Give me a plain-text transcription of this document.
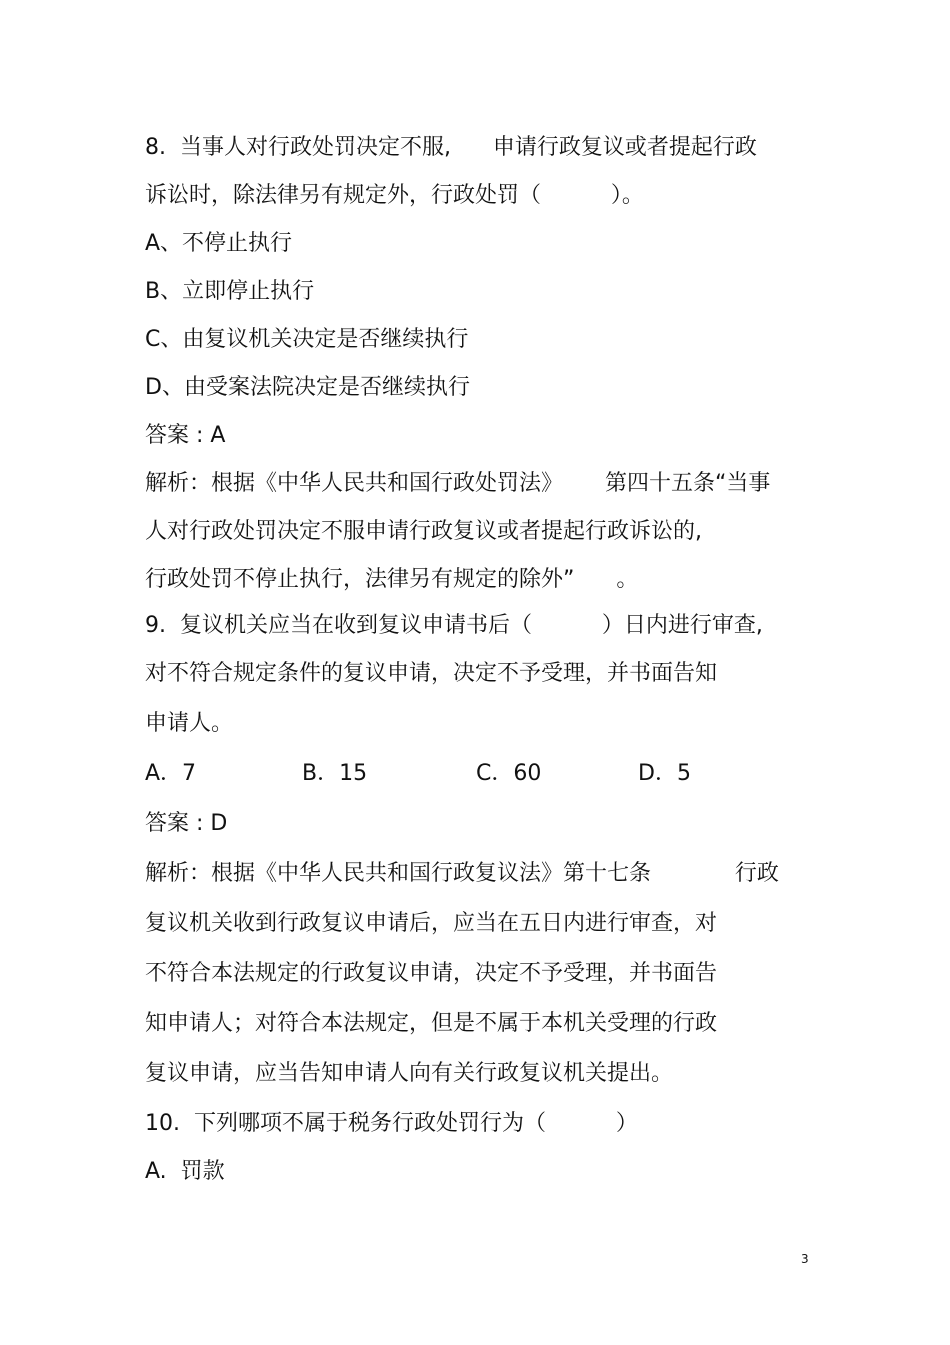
8.  当事人对行政处罚决定不服,      申请行政复议或者提起行政
诉讼时，除法律另有规定外，行政处罚（          ）。
A、不停止执行
B、立即停止执行
C、由复议机关决定是否继续执行
D、由受案法院决定是否继续执行
答案 : A
解析：根据《中华人民共和国行政处罚法》      第四十五条“当事
人对行政处罚决定不服申请行政复议或者提起行政诉讼的,
行政处罚不停止执行，法律另有规定的除外”      。
9.  复议机关应当在收到复议申请书后（          ）日内进行审查,
对不符合规定条件的复议申请，决定不予受理，并书面告知
申请人。
A．7	B．15	C．60	D．5
答案 : D
解析：根据《中华人民共和国行政复议法》第十七条            行政
复议机关收到行政复议申请后，应当在五日内进行审查，对
不符合本法规定的行政复议申请，决定不予受理，并书面告
知申请人；对符合本法规定，但是不属于本机关受理的行政
复议申请，应当告知申请人向有关行政复议机关提出。
10.  下列哪项不属于税务行政处罚行为（          ）
A.  罚款
3
